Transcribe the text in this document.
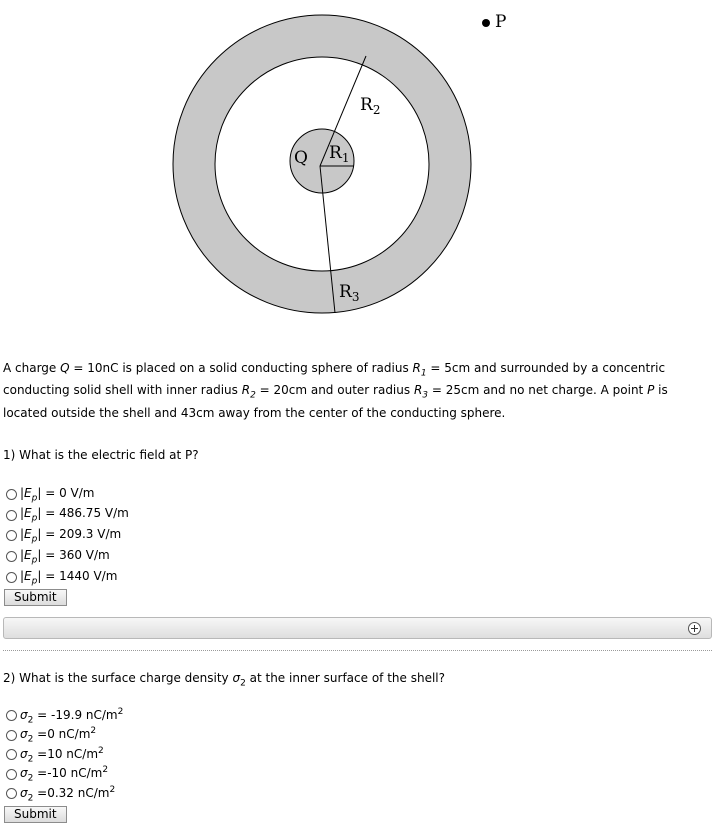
Q $R_1$
$R_2$
$R_3$
P

A charge Q = 10nC is placed on a solid conducting sphere of radius $R_1 = 5cm$ and surrounded by a concentric conducting solid shell with inner radius $R_2 = 20cm$ and outer radius $R_3 = 25cm$ and no net charge. A point P is located outside the shell and 43cm away from the center of the conducting sphere.

1) What is the electric field at P?

$|E_p| = 0$ V/m
$|E_p| = 486.75$ V/m
$|E_p| = 209.3$ V/m
$|E_p| = 360$ V/m
$|E_p| = 1440$ V/m
Submit

2) What is the surface charge density $\sigma_2$ at the inner surface of the shell?

$\sigma_2 = -19.9$ $nC/m^2$
$\sigma_2 =0$ $nC/m^2$
$\sigma_2 =10$ $nC/m^2$
$\sigma_2 =-10$ $nC/m^2$
$\sigma_2 =0.32$ $nC/m^2$
Submit
